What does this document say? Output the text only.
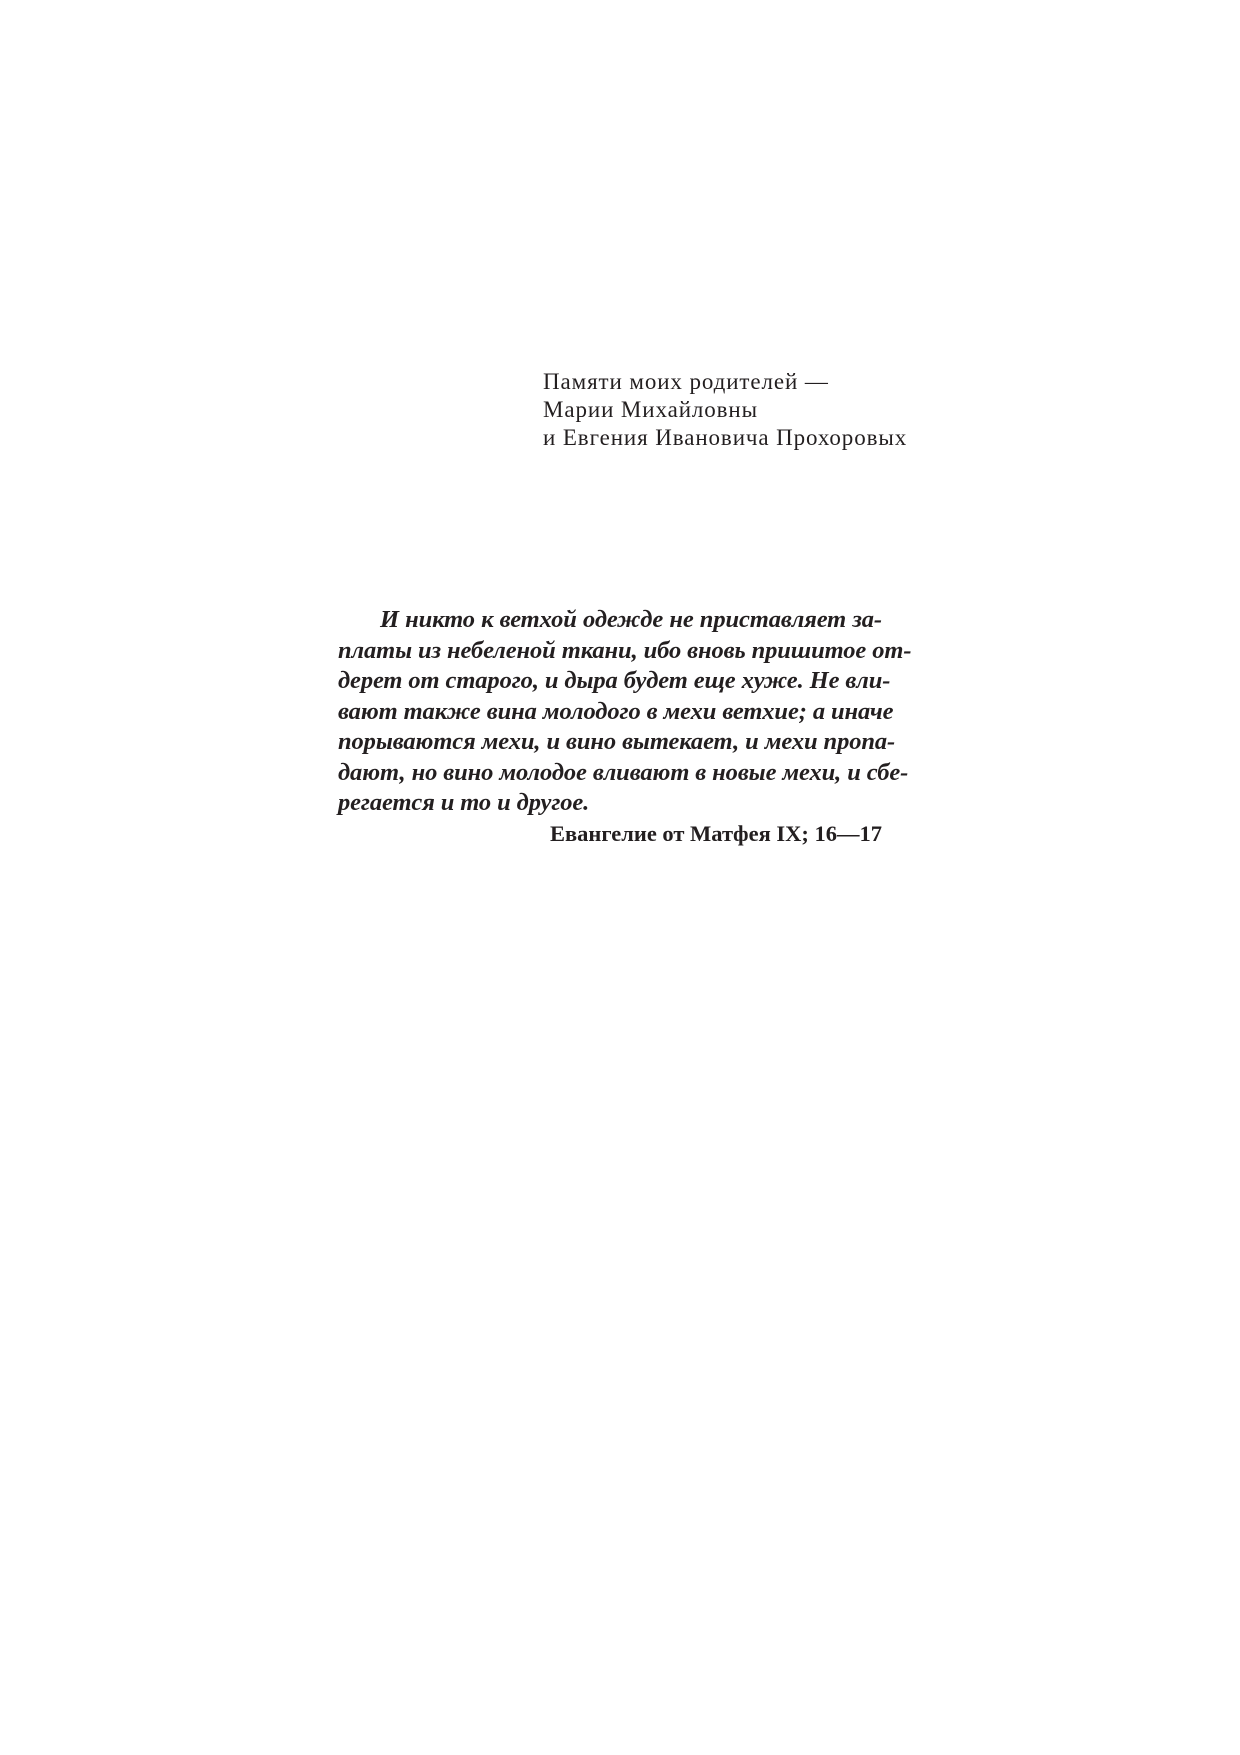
Памяти моих родителей —
Марии Михайловны
и Евгения Ивановича Прохоровых

И никто к ветхой одежде не приставляет за-
платы из небеленой ткани, ибо вновь пришитое от-
дерет от старого, и дыра будет еще хуже. Не вли-
вают также вина молодого в мехи ветхие; а иначе
порываются мехи, и вино вытекает, и мехи пропа-
дают, но вино молодое вливают в новые мехи, и сбе-
регается и то и другое.

Евангелие от Матфея IX; 16—17
